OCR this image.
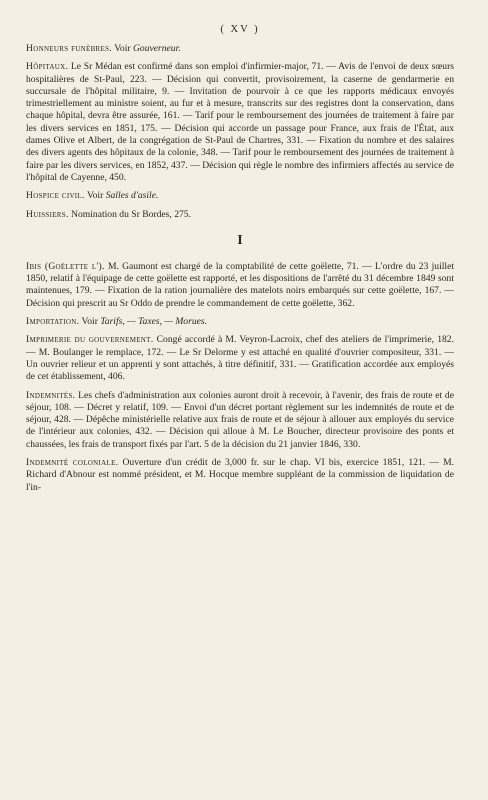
( XV )

Honneurs funèbres. Voir Gouverneur.

Hôpitaux. Le Sr Médan est confirmé dans son emploi d'infirmier-major, 71. — Avis de l'envoi de deux sœurs hospitalières de St-Paul, 223. — Décision qui convertit, provisoirement, la caserne de gendarmerie en succursale de l'hôpital militaire, 9. — Invitation de pourvoir à ce que les rapports médicaux envoyés trimestriellement au ministre soient, au fur et à mesure, transcrits sur des registres dont la conservation, dans chaque hôpital, devra être assurée, 161. — Tarif pour le remboursement des journées de traitement à faire par les divers services en 1851, 175. — Décision qui accorde un passage pour France, aux frais de l'État, aux dames Olive et Albert, de la congrégation de St-Paul de Chartres, 331. — Fixation du nombre et des salaires des divers agents des hôpitaux de la colonie, 348. — Tarif pour le remboursement des journées de traitement à faire par les divers services, en 1852, 437. — Décision qui règle le nombre des infirmiers affectés au service de l'hôpital de Cayenne, 450.

Hospice civil. Voir Salles d'asile.

Huissiers. Nomination du Sr Bordes, 275.

I

Ibis (Goëlette l'). M. Gaumont est chargé de la comptabilité de cette goëlette, 71. — L'ordre du 23 juillet 1850, relatif à l'équipage de cette goëlette est rapporté, et les dispositions de l'arrêté du 31 décembre 1849 sont maintenues, 179. — Fixation de la ration journalière des matelots noirs embarqués sur cette goëlette, 167. — Décision qui prescrit au Sr Oddo de prendre le commandement de cette goëlette, 362.

Importation. Voir Tarifs, — Taxes, — Morues.

Imprimerie du gouvernement. Congé accordé à M. Veyron-Lacroix, chef des ateliers de l'imprimerie, 182. — M. Boulanger le remplace, 172. — Le Sr Delorme y est attaché en qualité d'ouvrier compositeur, 331. — Un ouvrier relieur et un apprenti y sont attachés, à titre définitif, 331. — Gratification accordée aux employés de cet établissement, 406.

Indemnités. Les chefs d'administration aux colonies auront droit à recevoir, à l'avenir, des frais de route et de séjour, 108. — Décret y relatif, 109. — Envoi d'un décret portant règlement sur les indemnités de route et de séjour, 428. — Dépêche ministérielle relative aux frais de route et de séjour à allouer aux employés du service de l'intérieur aux colonies, 432. — Décision qui alloue à M. Le Boucher, directeur provisoire des ponts et chaussées, les frais de transport fixés par l'art. 5 de la décision du 21 janvier 1846, 330.

Indemnité coloniale. Ouverture d'un crédit de 3,000 fr. sur le chap. VI bis, exercice 1851, 121. — M. Richard d'Abnour est nommé président, et M. Hocque membre suppléant de la commission de liquidation de l'in-
